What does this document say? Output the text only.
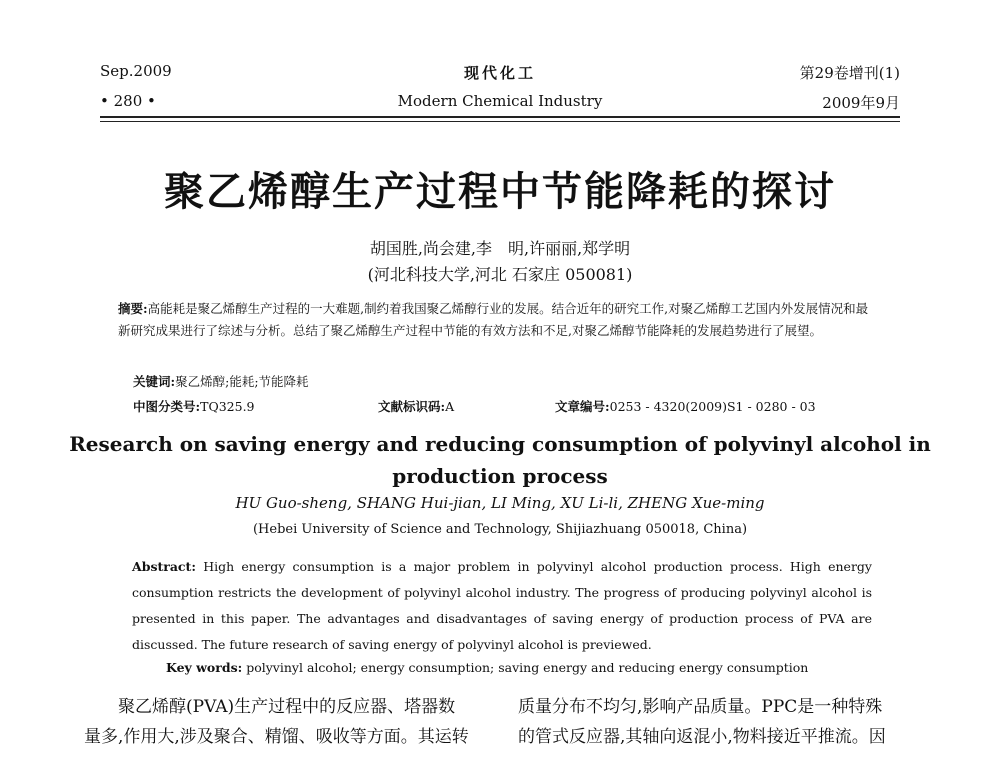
Sep.2009
• 280 •
现代化工
Modern Chemical Industry
第29卷增刊(1)
2009年9月
聚乙烯醇生产过程中节能降耗的探讨
胡国胜,尚会建,李　明,许丽丽,郑学明
(河北科技大学,河北 石家庄 050081)
摘要:高能耗是聚乙烯醇生产过程的一大难题,制约着我国聚乙烯醇行业的发展。结合近年的研究工作,对聚乙烯醇工艺国内外发展情况和最新研究成果进行了综述与分析。总结了聚乙烯醇生产过程中节能的有效方法和不足,对聚乙烯醇节能降耗的发展趋势进行了展望。
关键词:聚乙烯醇;能耗;节能降耗
中图分类号:TQ325.9	文献标识码:A	文章编号:0253 - 4320(2009)S1 - 0280 - 03
Research on saving energy and reducing consumption of polyvinyl alcohol in
production process
HU Guo-sheng, SHANG Hui-jian, LI Ming, XU Li-li, ZHENG Xue-ming
(Hebei University of Science and Technology, Shijiazhuang 050018, China)
Abstract: High energy consumption is a major problem in polyvinyl alcohol production process. High energy consumption restricts the development of polyvinyl alcohol industry. The progress of producing polyvinyl alcohol is presented in this paper. The advantages and disadvantages of saving energy of production process of PVA are discussed. The future research of saving energy of polyvinyl alcohol is previewed.
Key words: polyvinyl alcohol; energy consumption; saving energy and reducing energy consumption
聚乙烯醇(PVA)生产过程中的反应器、塔器数
量多,作用大,涉及聚合、精馏、吸收等方面。其运转
质量分布不均匀,影响产品质量。PPC是一种特殊
的管式反应器,其轴向返混小,物料接近平推流。因
